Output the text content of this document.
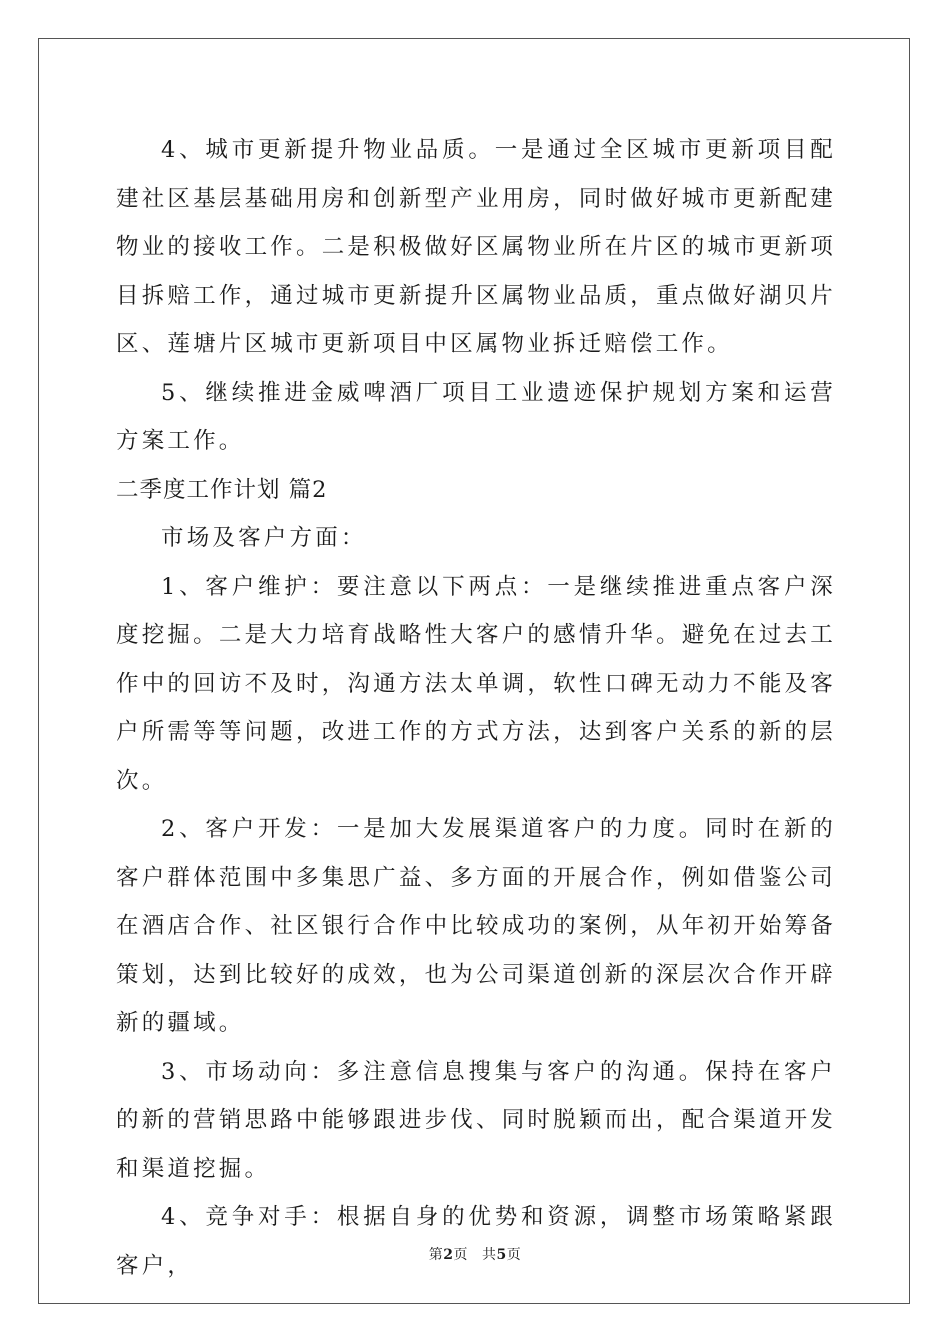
4、城市更新提升物业品质。一是通过全区城市更新项目配建社区基层基础用房和创新型产业用房，同时做好城市更新配建物业的接收工作。二是积极做好区属物业所在片区的城市更新项目拆赔工作，通过城市更新提升区属物业品质，重点做好湖贝片区、莲塘片区城市更新项目中区属物业拆迁赔偿工作。

5、继续推进金威啤酒厂项目工业遗迹保护规划方案和运营方案工作。

二季度工作计划 篇2

市场及客户方面：

1、客户维护：要注意以下两点：一是继续推进重点客户深度挖掘。二是大力培育战略性大客户的感情升华。避免在过去工作中的回访不及时，沟通方法太单调，软性口碑无动力不能及客户所需等等问题，改进工作的方式方法，达到客户关系的新的层次。

2、客户开发：一是加大发展渠道客户的力度。同时在新的客户群体范围中多集思广益、多方面的开展合作，例如借鉴公司在酒店合作、社区银行合作中比较成功的案例，从年初开始筹备策划，达到比较好的成效，也为公司渠道创新的深层次合作开辟新的疆域。

3、市场动向：多注意信息搜集与客户的沟通。保持在客户的新的营销思路中能够跟进步伐、同时脱颖而出，配合渠道开发和渠道挖掘。

4、竞争对手：根据自身的优势和资源，调整市场策略紧跟客户，	第2页 共5页
